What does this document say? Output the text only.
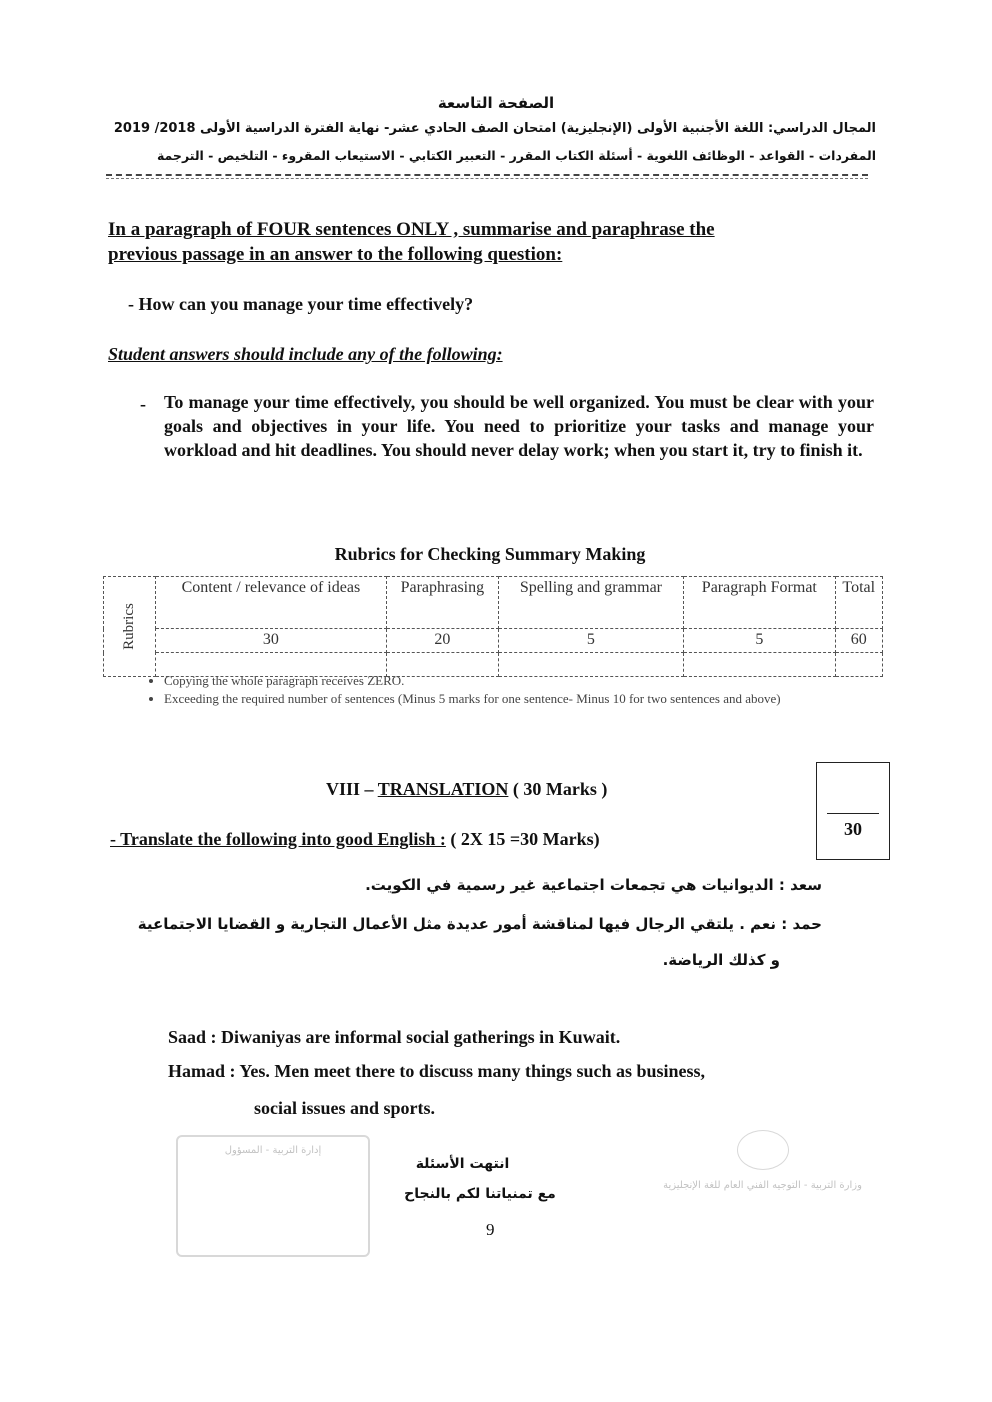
الصفحة التاسعة
المجال الدراسي: اللغة الأجنبية الأولى (الإنجليزية) امتحان الصف الحادي عشر- نهاية الفترة الدراسية الأولى 2018/ 2019
المفردات - القواعد - الوظائف اللغوية - أسئلة الكتاب المقرر - التعبير الكتابي - الاستيعاب المقروء - التلخيص - الترجمة
In a paragraph of FOUR sentences ONLY , summarise and paraphrase the
previous passage in an answer to the following question:
- How can you manage your time effectively?
Student answers should include any of the following:
- To manage your time effectively, you should be well organized. You must be clear with your goals and objectives in your life. You need to prioritize your tasks and manage your workload and hit deadlines. You should never delay work; when you start it, try to finish it.
Rubrics for Checking Summary Making
Rubrics	Content / relevance of ideas	Paraphrasing	Spelling and grammar	Paragraph Format	Total
	30	20	5	5	60

• Copying the whole paragraph receives ZERO.
• Exceeding the required number of sentences (Minus 5 marks for one sentence- Minus 10 for two sentences and above)
VIII – TRANSLATION ( 30 Marks )
30
- Translate the following into good English : ( 2X 15 =30 Marks)
سعد : الديوانيات هي تجمعات اجتماعية غير رسمية في الكويت.
حمد : نعم . يلتقي الرجال فيها لمناقشة أمور عديدة مثل الأعمال التجارية و القضايا الاجتماعية
و كذلك الرياضة.
Saad : Diwaniyas are informal social gatherings in Kuwait.
Hamad : Yes. Men meet there to discuss many things such as business,
social issues and sports.
إدارة التربية - المسؤول
انتهت الأسئلة
مع تمنياتنا لكم بالنجاح
9
وزارة التربية - التوجيه الفني العام للغة الإنجليزية
